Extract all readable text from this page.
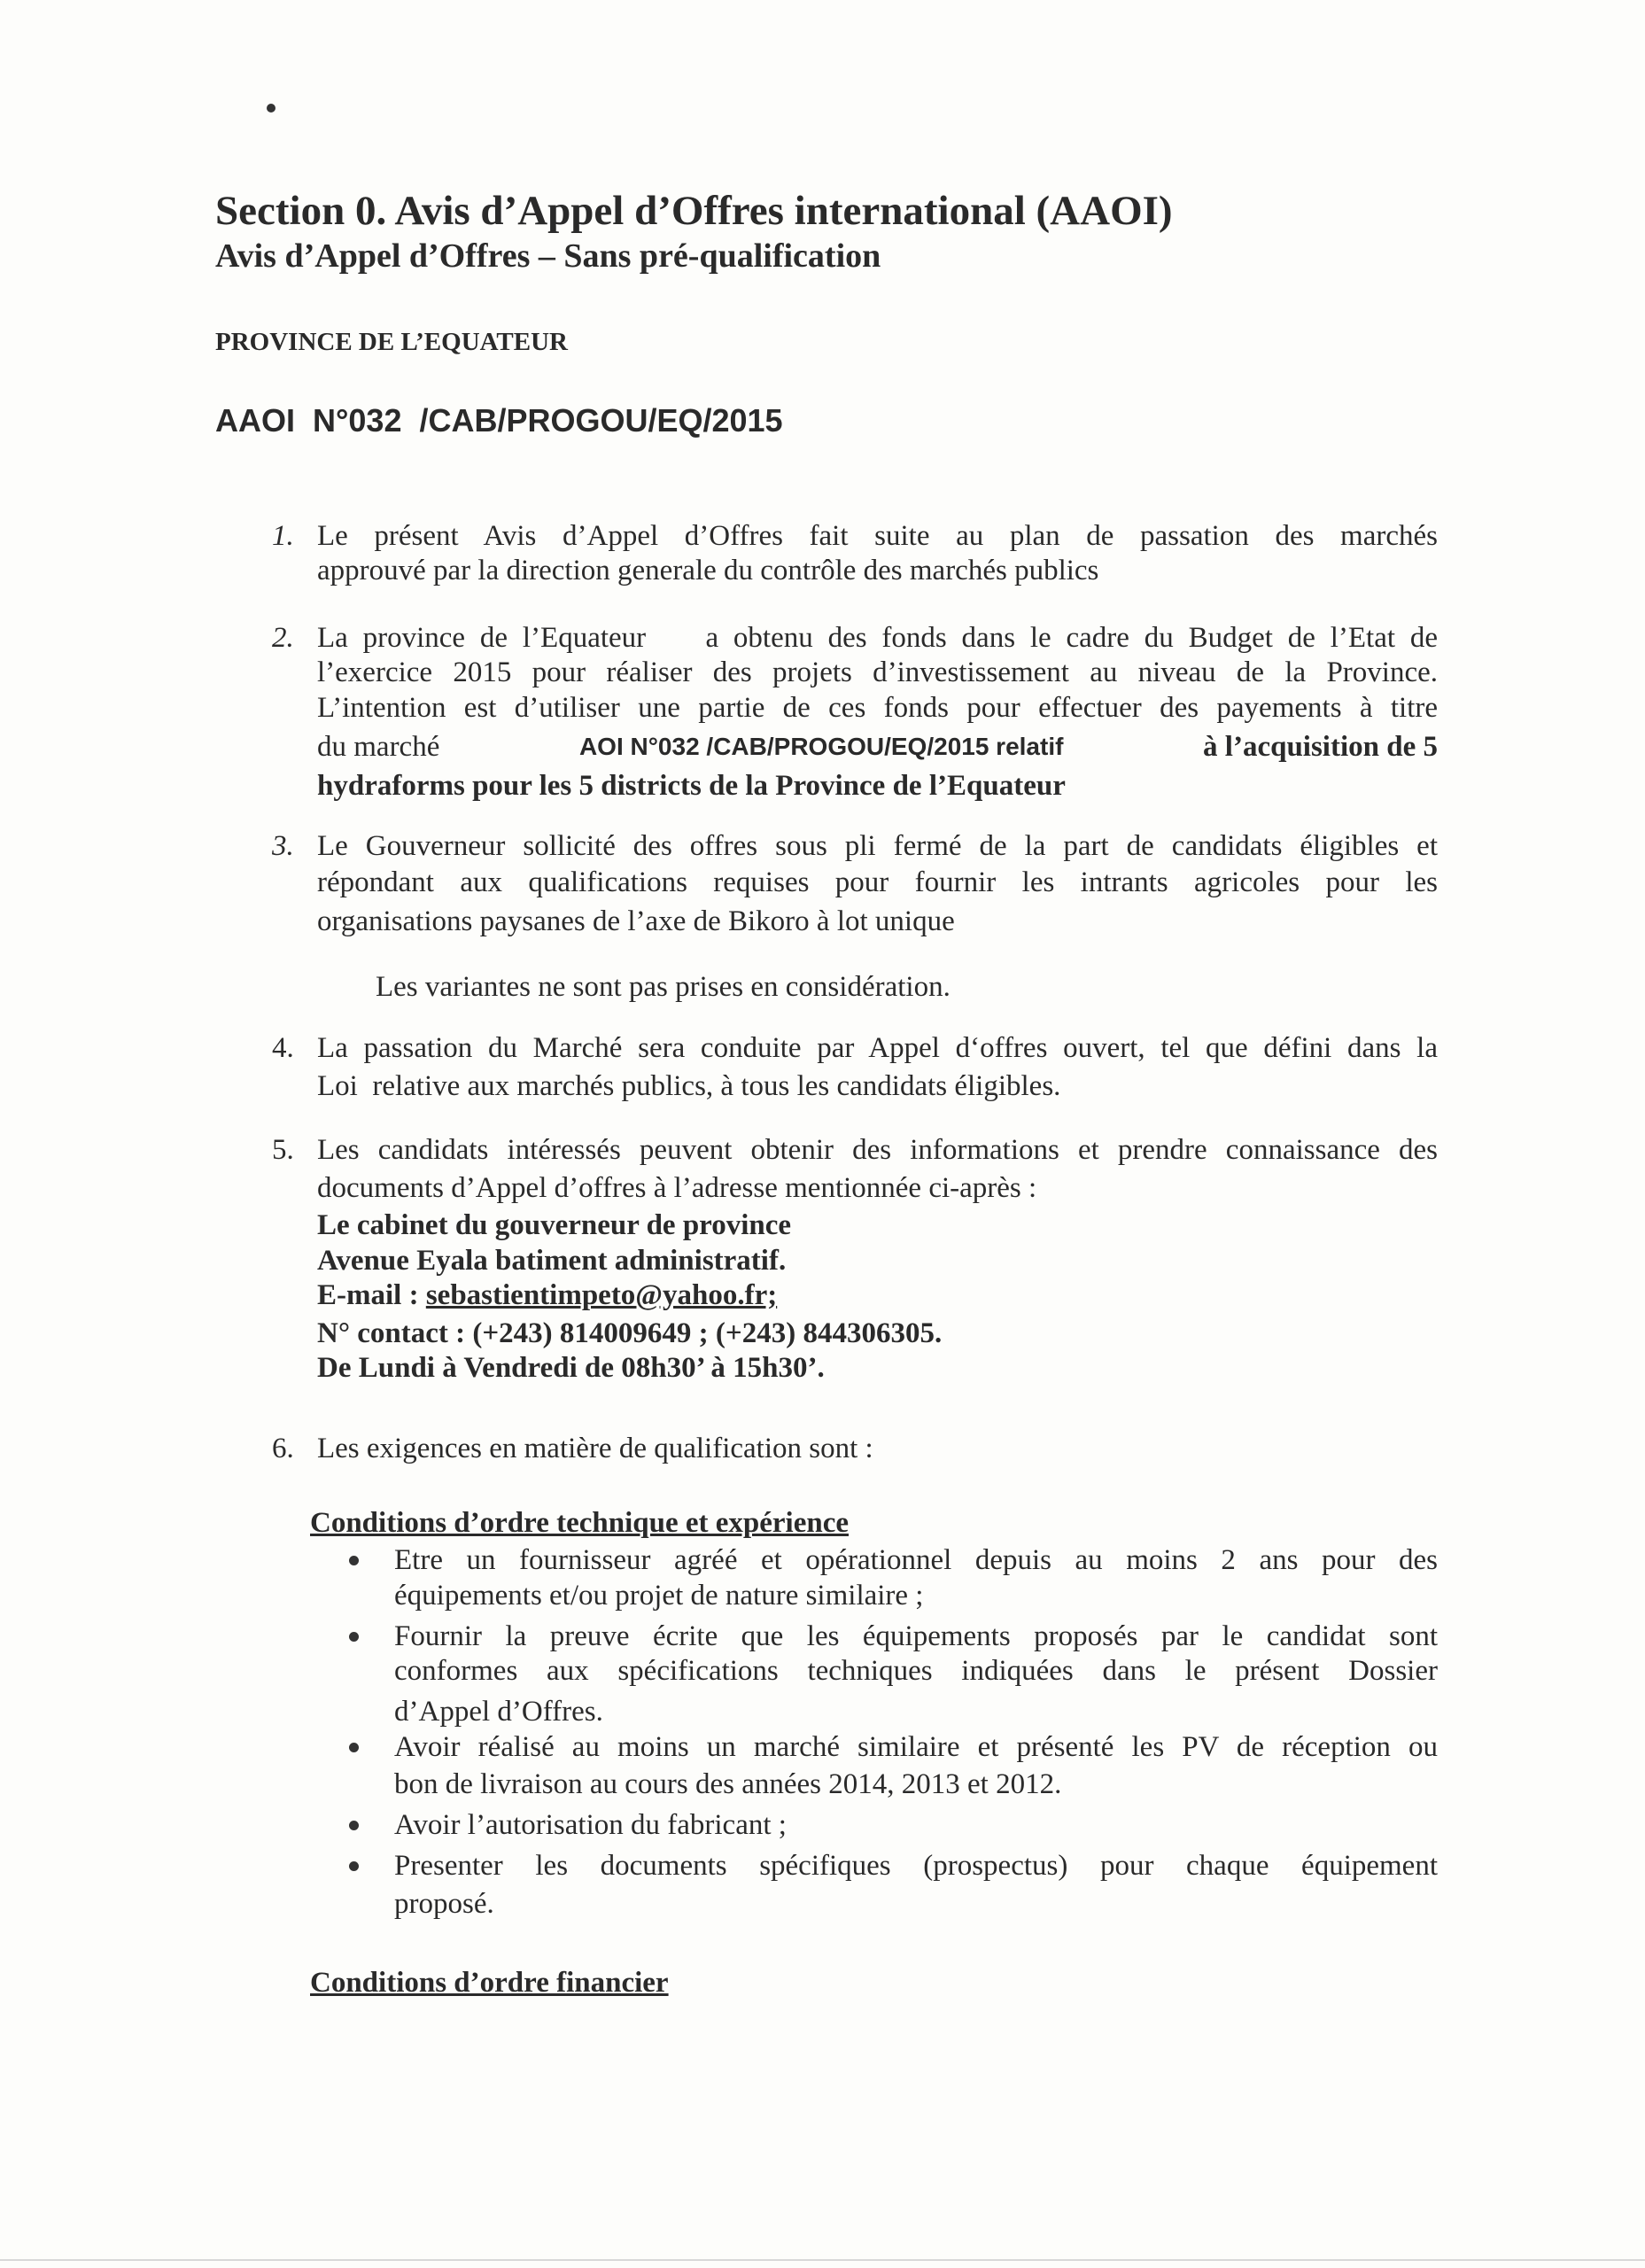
Section 0. Avis d’Appel d’Offres international (AAOI)
Avis d’Appel d’Offres – Sans pré-qualification
PROVINCE DE L’EQUATEUR
AAOI  N°032  /CAB/PROGOU/EQ/2015
1. Le présent Avis d’Appel d’Offres fait suite au plan de passation des marchés
approuvé par la direction generale du contrôle des marchés publics
2. La province de l’Equateur    a obtenu des fonds dans le cadre du Budget de l’Etat de
l’exercice 2015 pour réaliser des projets d’investissement au niveau de la Province.
L’intention est d’utiliser une partie de ces fonds pour effectuer des payements à titre
du marché	AOI N°032 /CAB/PROGOU/EQ/2015 relatif	à l’acquisition de 5
hydraforms pour les 5 districts de la Province de l’Equateur
3. Le Gouverneur sollicité des offres sous pli fermé de la part de candidats éligibles et
répondant aux qualifications requises pour fournir les intrants agricoles pour les
organisations paysanes de l’axe de Bikoro à lot unique
Les variantes ne sont pas prises en considération.
4. La passation du Marché sera conduite par Appel d‘offres ouvert, tel que défini dans la
Loi  relative aux marchés publics, à tous les candidats éligibles.
5. Les candidats intéressés peuvent obtenir des informations et prendre connaissance des
documents d’Appel d’offres à l’adresse mentionnée ci-après :
Le cabinet du gouverneur de province
Avenue Eyala batiment administratif.
E-mail : sebastientimpeto@yahoo.fr;
N° contact : (+243) 814009649 ; (+243) 844306305.
De Lundi à Vendredi de 08h30’ à 15h30’.
6. Les exigences en matière de qualification sont :
Conditions d’ordre technique et expérience
Etre un fournisseur agréé et opérationnel depuis au moins 2 ans pour des
équipements et/ou projet de nature similaire ;
Fournir la preuve écrite que les équipements proposés par le candidat sont
conformes aux spécifications techniques indiquées dans le présent Dossier
d’Appel d’Offres.
Avoir réalisé au moins un marché similaire et présenté les PV de réception ou
bon de livraison au cours des années 2014, 2013 et 2012.
Avoir l’autorisation du fabricant ;
Presenter les documents spécifiques (prospectus) pour chaque équipement
proposé.
Conditions d’ordre financier
